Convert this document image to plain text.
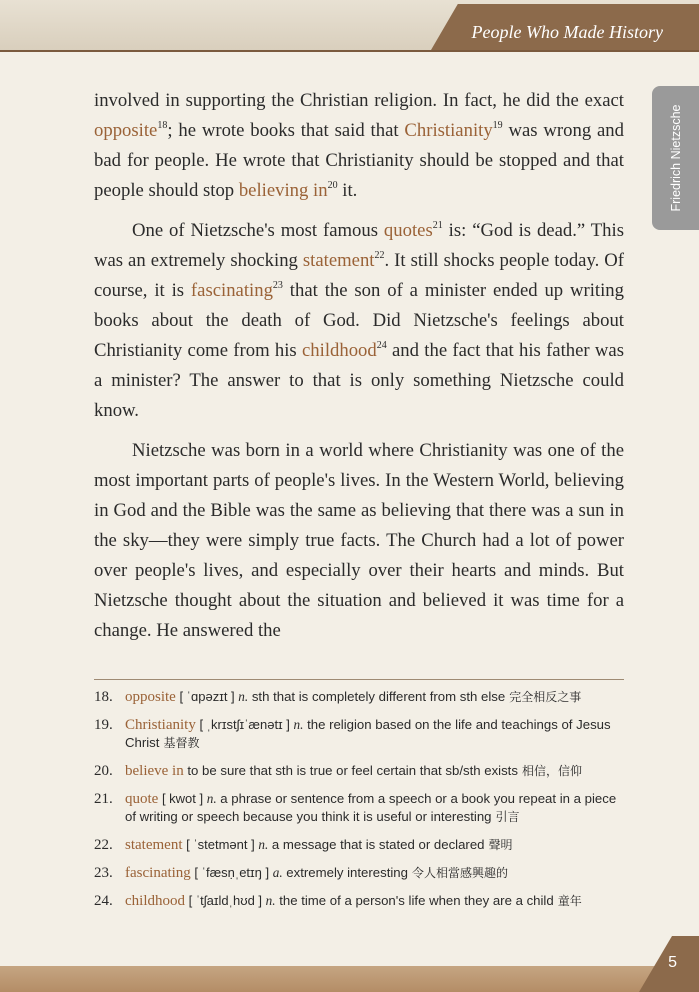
People Who Made History
Friedrich Nietzsche

involved in supporting the Christian religion. In fact, he did the exact opposite$^{18}$; he wrote books that said that Christianity$^{19}$ was wrong and bad for people. He wrote that Christianity should be stopped and that people should stop believing $in^{20}$ it.

One of Nietzsche's most famous quotes$^{21}$ is: “God is dead.” This was an extremely shocking statement$^{22}$. It still shocks people today. Of course, it is fascinating$^{23}$ that the son of a minister ended up writing books about the death of God. Did Nietzsche's feelings about Christianity come from his childhood$^{24}$ and the fact that his father was a minister? The answer to that is only something Nietzsche could know.

Nietzsche was born in a world where Christianity was one of the most important parts of people's lives. In the Western World, believing in God and the Bible was the same as believing that there was a sun in the sky—they were simply true facts. The Church had a lot of power over people's lives, and especially over their hearts and minds. But Nietzsche thought about the situation and believed it was time for a change. He answered the

18. opposite [ ˈɑpəzɪt ] n. sth that is completely different from sth else 完全相反之事
19. Christianity [ ˌkrɪstʃɪˈænətɪ ] n. the religion based on the life and teachings of Jesus Christ 基督教
20. believe in to be sure that sth is true or feel certain that sb/sth exists 相信，信仰
21. quote [ kwot ] n. a phrase or sentence from a speech or a book you repeat in a piece of writing or speech because you think it is useful or interesting 引言
22. statement [ ˈstetmənt ] n. a message that is stated or declared 聲明
23. fascinating [ ˈfæsṇˌetɪŋ ] a. extremely interesting 令人相當感興趣的
24. childhood [ ˈtʃaɪldˌhʊd ] n. the time of a person's life when they are a child 童年
5
